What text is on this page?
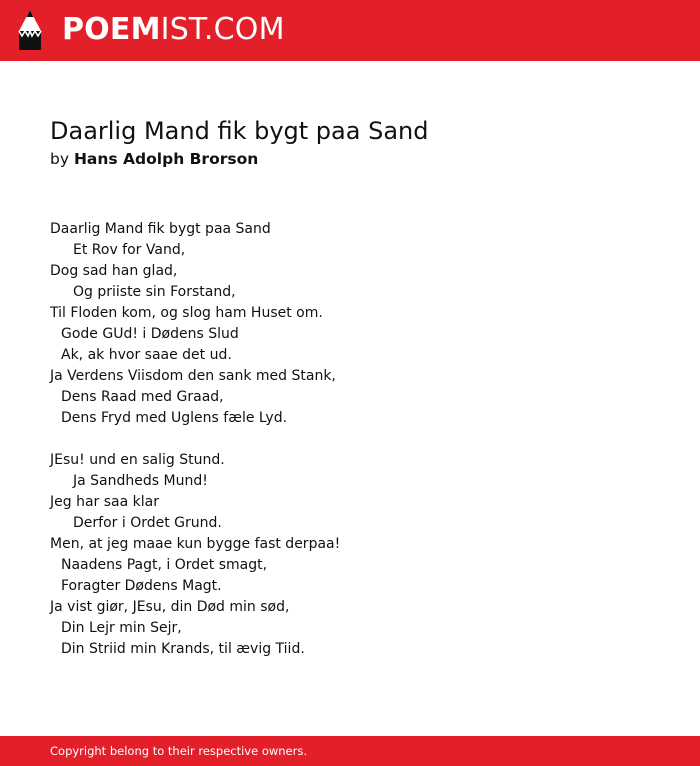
POEMIST.COM
Daarlig Mand fik bygt paa Sand
by Hans Adolph Brorson
Daarlig Mand fik bygt paa Sand
Et Rov for Vand,
Dog sad han glad,
Og priiste sin Forstand,
Til Floden kom, og slog ham Huset om.
Gode GUd! i Dødens Slud
Ak, ak hvor saae det ud.
Ja Verdens Viisdom den sank med Stank,
Dens Raad med Graad,
Dens Fryd med Uglens fæle Lyd.
JEsu! und en salig Stund.
Ja Sandheds Mund!
Jeg har saa klar
Derfor i Ordet Grund.
Men, at jeg maae kun bygge fast derpaa!
Naadens Pagt, i Ordet smagt,
Foragter Dødens Magt.
Ja vist giør, JEsu, din Død min sød,
Din Lejr min Sejr,
Din Striid min Krands, til ævig Tiid.
Copyright belong to their respective owners.
